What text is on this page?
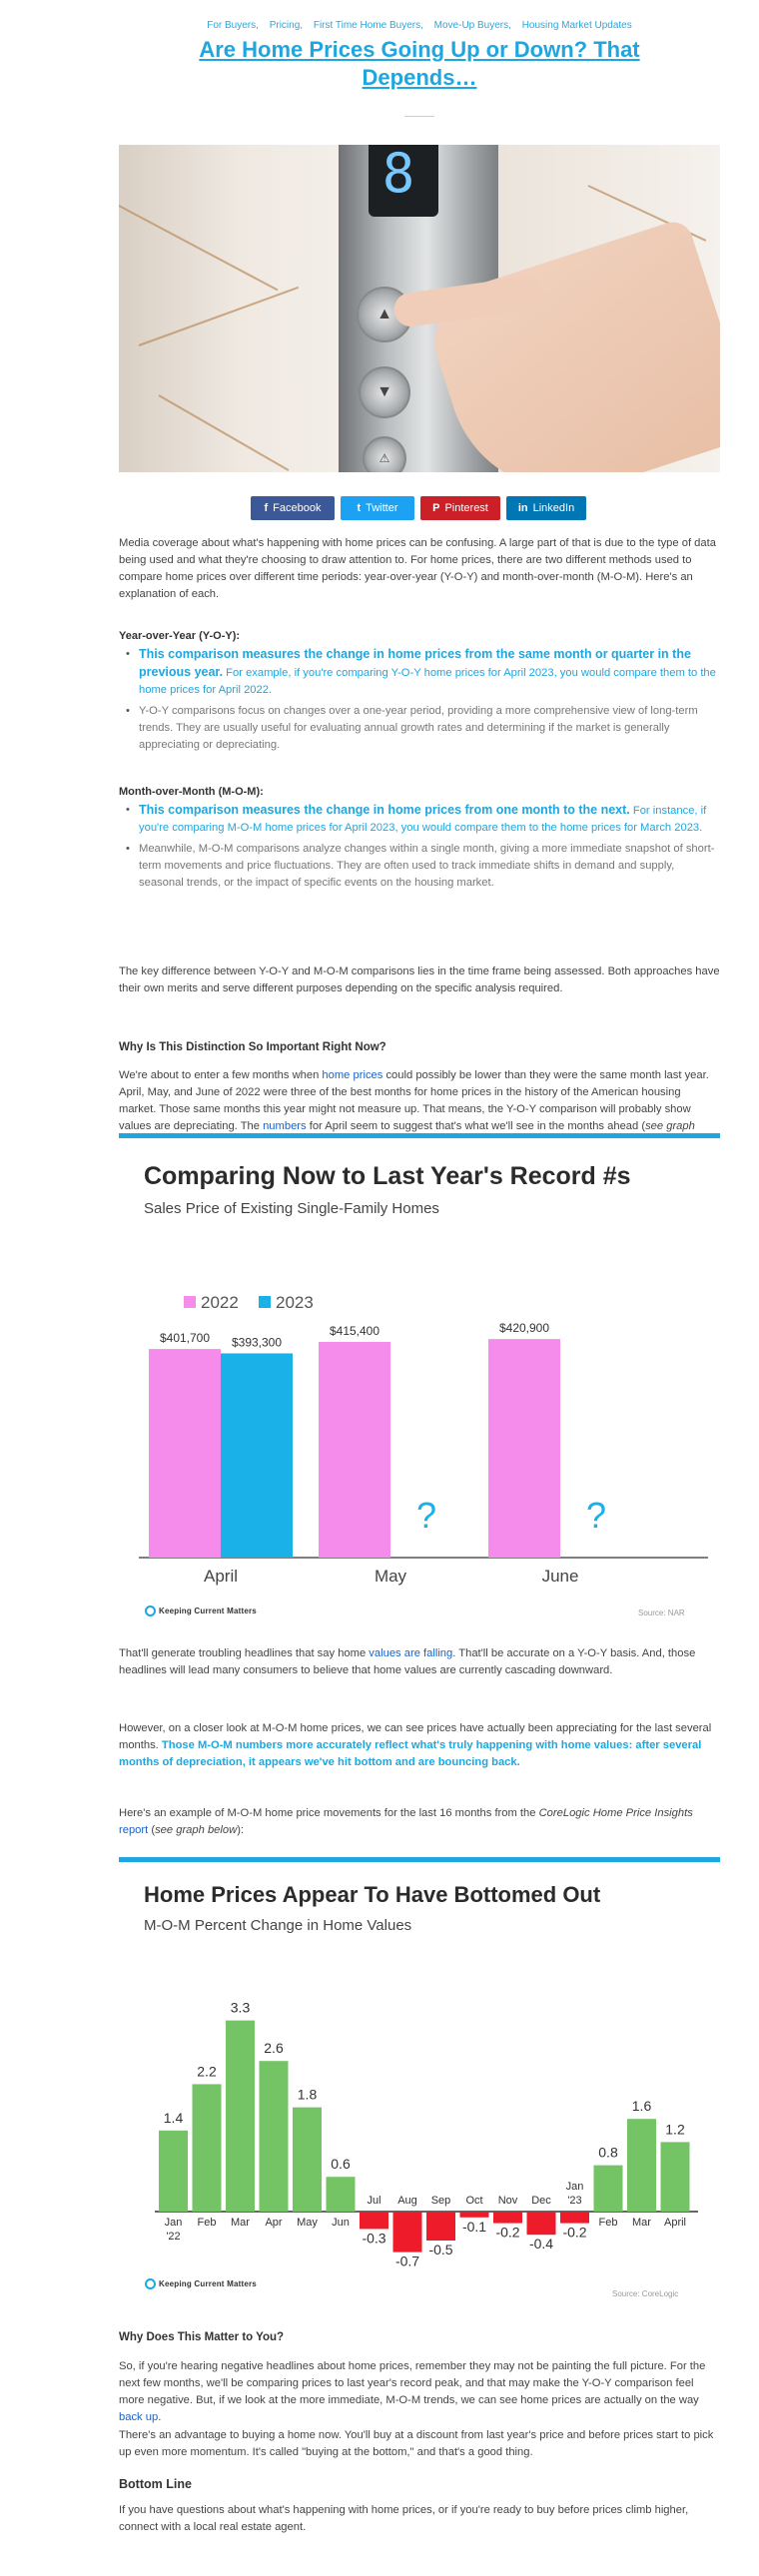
For Buyers, Pricing, First Time Home Buyers, Move-Up Buyers, Housing Market Updates
Are Home Prices Going Up or Down? That Depends…
8
▲
▼
⚠
f Facebook	t Twitter	P Pinterest	in LinkedIn

Media coverage about what's happening with home prices can be confusing. A large part of that is due to the type of data being used and what they're choosing to draw attention to. For home prices, there are two different methods used to compare home prices over different time periods: year-over-year (Y-O-Y) and month-over-month (M-O-M). Here's an explanation of each.

Year-over-Year (Y-O-Y):
• This comparison measures the change in home prices from the same month or quarter in the previous year. For example, if you're comparing Y-O-Y home prices for April 2023, you would compare them to the home prices for April 2022.
• Y-O-Y comparisons focus on changes over a one-year period, providing a more comprehensive view of long-term trends. They are usually useful for evaluating annual growth rates and determining if the market is generally appreciating or depreciating.
Month-over-Month (M-O-M):
• This comparison measures the change in home prices from one month to the next. For instance, if you're comparing M-O-M home prices for April 2023, you would compare them to the home prices for March 2023.
• Meanwhile, M-O-M comparisons analyze changes within a single month, giving a more immediate snapshot of short-term movements and price fluctuations. They are often used to track immediate shifts in demand and supply, seasonal trends, or the impact of specific events on the housing market.

The key difference between Y-O-Y and M-O-M comparisons lies in the time frame being assessed. Both approaches have their own merits and serve different purposes depending on the specific analysis required.

Why Is This Distinction So Important Right Now?

We're about to enter a few months when home prices could possibly be lower than they were the same month last year. April, May, and June of 2022 were three of the best months for home prices in the history of the American housing market. Those same months this year might not measure up. That means, the Y-O-Y comparison will probably show values are depreciating. The numbers for April seem to suggest that's what we'll see in the months ahead (see graph

Comparing Now to Last Year's Record #s
Sales Price of Existing Single-Family Homes
2022	2023
$401,700 $393,300
April
$415,400
?
May
$420,900
?
June
Keeping Current Matters	Source: NAR

That'll generate troubling headlines that say home values are falling. That'll be accurate on a Y-O-Y basis. And, those headlines will lead many consumers to believe that home values are currently cascading downward.

However, on a closer look at M-O-M home prices, we can see prices have actually been appreciating for the last several months. Those M-O-M numbers more accurately reflect what's truly happening with home values: after several months of depreciation, it appears we've hit bottom and are bouncing back.

Here's an example of M-O-M home price movements for the last 16 months from the CoreLogic Home Price Insights report (see graph below):

Home Prices Appear To Have Bottomed Out
M-O-M Percent Change in Home Values
1.4
Jan
'22
2.2
Feb
3.3
Mar
2.6
Apr
1.8
May
0.6
Jun
-0.3
Jul
-0.7
Aug
-0.5
Sep
-0.1
Oct
-0.2
Nov
-0.4
Dec
-0.2
Jan
'23
0.8
Feb
1.6
Mar
1.2
April
Keeping Current Matters
Source: CoreLogic
Why Does This Matter to You?

So, if you're hearing negative headlines about home prices, remember they may not be painting the full picture. For the next few months, we'll be comparing prices to last year's record peak, and that may make the Y-O-Y comparison feel more negative. But, if we look at the more immediate, M-O-M trends, we can see home prices are actually on the way back up.

There's an advantage to buying a home now. You'll buy at a discount from last year's price and before prices start to pick up even more momentum. It's called "buying at the bottom," and that's a good thing.

Bottom Line

If you have questions about what's happening with home prices, or if you're ready to buy before prices climb higher, connect with a local real estate agent.
